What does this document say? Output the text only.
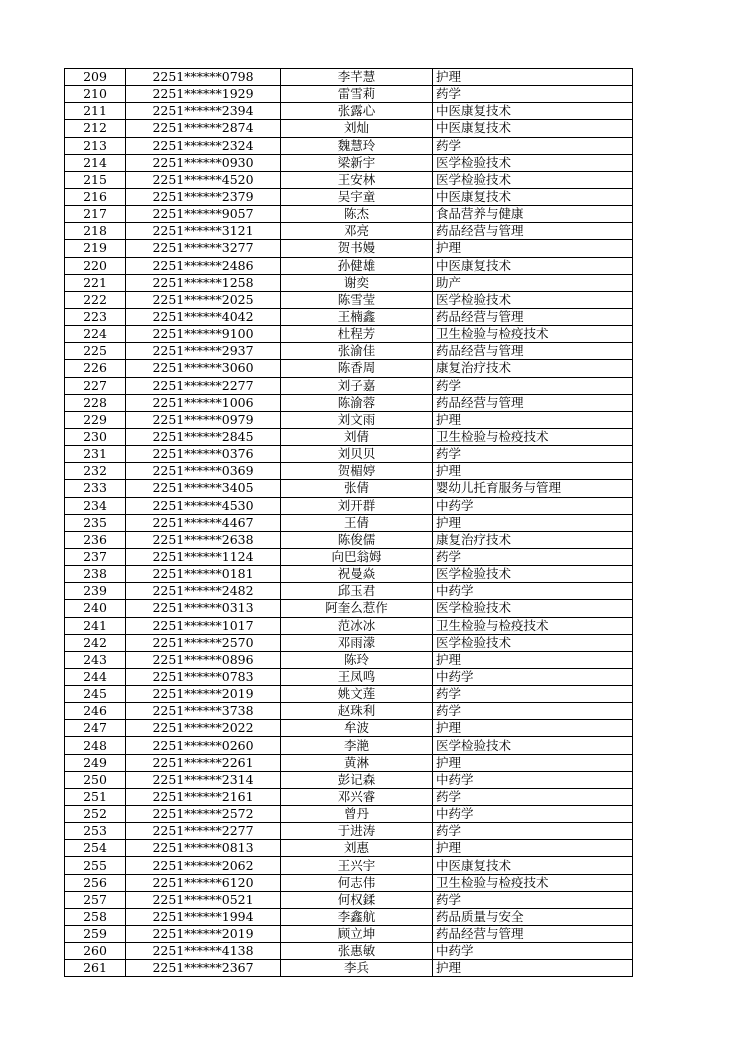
209	2251******0798	李芊慧	护理
210	2251******1929	雷雪莉	药学
211	2251******2394	张露心	中医康复技术
212	2251******2874	刘灿	中医康复技术
213	2251******2324	魏慧玲	药学
214	2251******0930	梁新宇	医学检验技术
215	2251******4520	王安林	医学检验技术
216	2251******2379	吴宇童	中医康复技术
217	2251******9057	陈杰	食品营养与健康
218	2251******3121	邓亮	药品经营与管理
219	2251******3277	贺书嫚	护理
220	2251******2486	孙健雄	中医康复技术
221	2251******1258	谢奕	助产
222	2251******2025	陈雪莹	医学检验技术
223	2251******4042	王楠鑫	药品经营与管理
224	2251******9100	杜程芳	卫生检验与检疫技术
225	2251******2937	张渝佳	药品经营与管理
226	2251******3060	陈香周	康复治疗技术
227	2251******2277	刘子嘉	药学
228	2251******1006	陈渝蓉	药品经营与管理
229	2251******0979	刘文雨	护理
230	2251******2845	刘倩	卫生检验与检疫技术
231	2251******0376	刘贝贝	药学
232	2251******0369	贺楣婷	护理
233	2251******3405	张倩	婴幼儿托育服务与管理
234	2251******4530	刘开群	中药学
235	2251******4467	王倩	护理
236	2251******2638	陈俊儒	康复治疗技术
237	2251******1124	向巴翁姆	药学
238	2251******0181	祝曼焱	医学检验技术
239	2251******2482	邱玉君	中药学
240	2251******0313	阿奎么惹作	医学检验技术
241	2251******1017	范冰冰	卫生检验与检疫技术
242	2251******2570	邓雨濛	医学检验技术
243	2251******0896	陈玲	护理
244	2251******0783	王凤鸣	中药学
245	2251******2019	姚文莲	药学
246	2251******3738	赵珠利	药学
247	2251******2022	牟波	护理
248	2251******0260	李滟	医学检验技术
249	2251******2261	黄淋	护理
250	2251******2314	彭记森	中药学
251	2251******2161	邓兴睿	药学
252	2251******2572	曾丹	中药学
253	2251******2277	于进涛	药学
254	2251******0813	刘惠	护理
255	2251******2062	王兴宇	中医康复技术
256	2251******6120	何志伟	卫生检验与检疫技术
257	2251******0521	何权鍒	药学
258	2251******1994	李鑫航	药品质量与安全
259	2251******2019	顾立坤	药品经营与管理
260	2251******4138	张惠敏	中药学
261	2251******2367	李兵	护理
